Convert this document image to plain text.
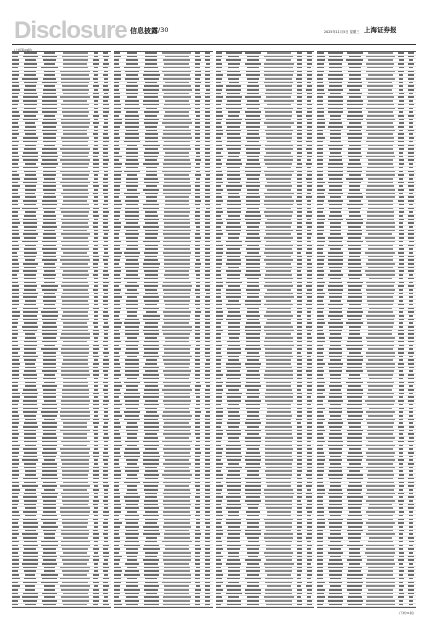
Disclosure 信息披露 /30	2025年11月5日 星期三 上海证券报
(上接第29版)
(下转31版)
